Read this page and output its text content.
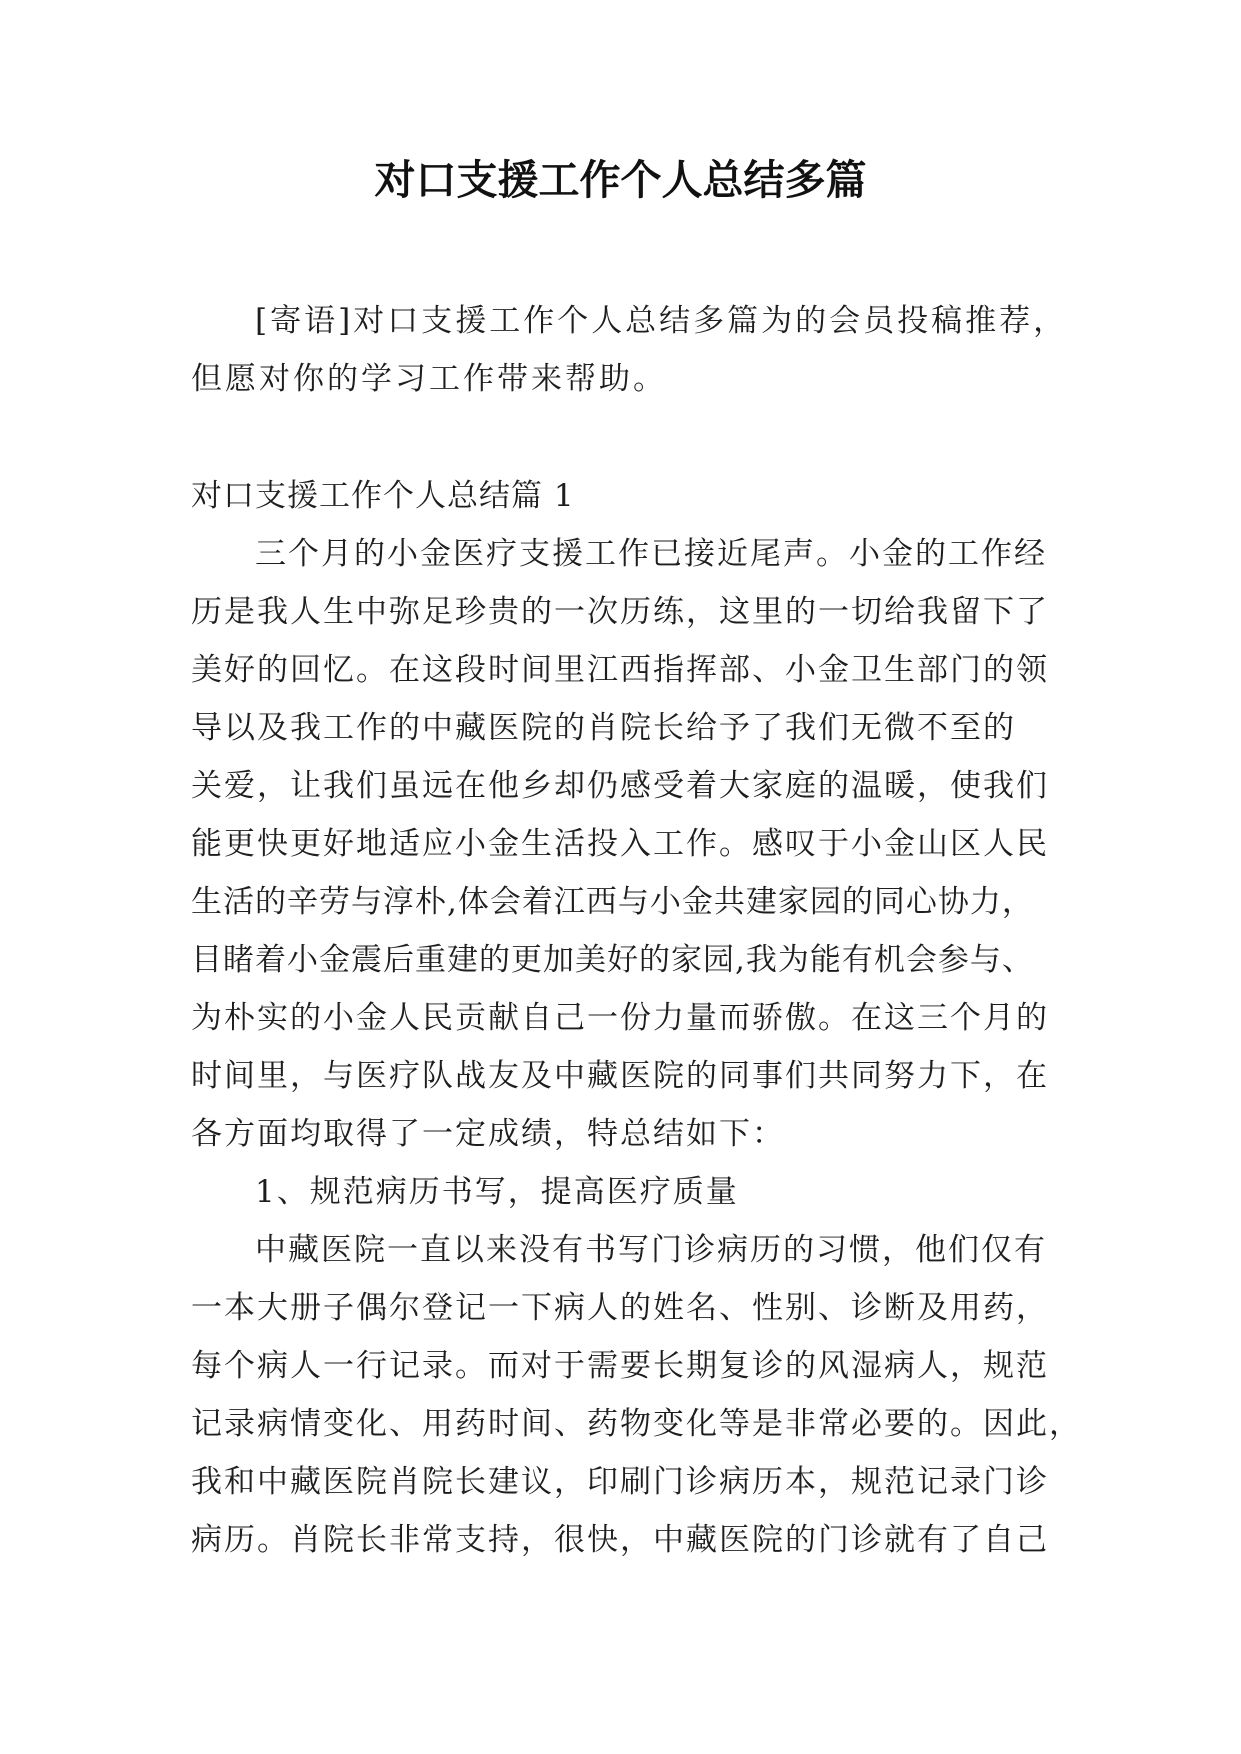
对口支援工作个人总结多篇
[寄语]对口支援工作个人总结多篇为的会员投稿推荐，
但愿对你的学习工作带来帮助。
对口支援工作个人总结篇 1
三个月的小金医疗支援工作已接近尾声。小金的工作经
历是我人生中弥足珍贵的一次历练，这里的一切给我留下了
美好的回忆。在这段时间里江西指挥部、小金卫生部门的领
导以及我工作的中藏医院的肖院长给予了我们无微不至的
关爱，让我们虽远在他乡却仍感受着大家庭的温暖，使我们
能更快更好地适应小金生活投入工作。感叹于小金山区人民
生活的辛劳与淳朴,体会着江西与小金共建家园的同心协力，
目睹着小金震后重建的更加美好的家园,我为能有机会参与、
为朴实的小金人民贡献自己一份力量而骄傲。在这三个月的
时间里，与医疗队战友及中藏医院的同事们共同努力下，在
各方面均取得了一定成绩，特总结如下：
1、规范病历书写，提高医疗质量
中藏医院一直以来没有书写门诊病历的习惯，他们仅有
一本大册子偶尔登记一下病人的姓名、性别、诊断及用药，
每个病人一行记录。而对于需要长期复诊的风湿病人，规范
记录病情变化、用药时间、药物变化等是非常必要的。因此，
我和中藏医院肖院长建议，印刷门诊病历本，规范记录门诊
病历。肖院长非常支持，很快，中藏医院的门诊就有了自己
